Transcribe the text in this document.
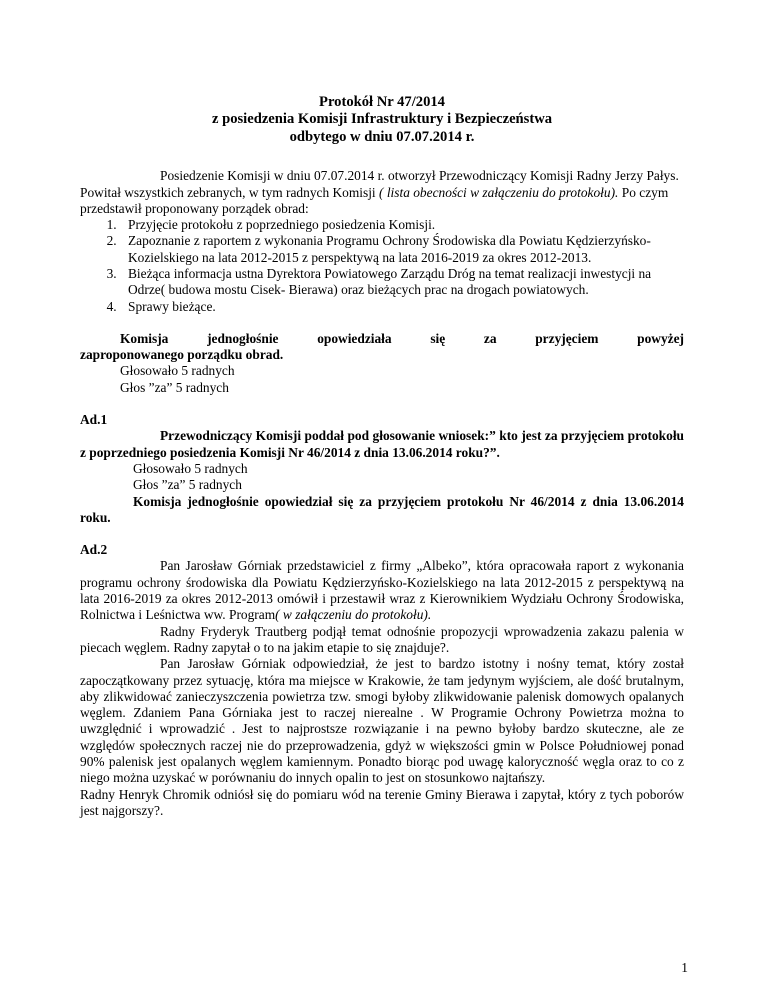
Protokół Nr 47/2014
z posiedzenia Komisji Infrastruktury i Bezpieczeństwa
odbytego w dniu 07.07.2014 r.

Posiedzenie Komisji w dniu 07.07.2014 r. otworzył Przewodniczący Komisji Radny Jerzy Pałys. Powitał wszystkich zebranych, w tym radnych Komisji ( lista obecności w załączeniu do protokołu). Po czym przedstawił proponowany porządek obrad:

1. Przyjęcie protokołu z poprzedniego posiedzenia Komisji.
2. Zapoznanie z raportem z wykonania Programu Ochrony Środowiska dla Powiatu Kędzierzyńsko- Kozielskiego na lata 2012-2015 z perspektywą na lata 2016-2019 za okres 2012-2013.
3. Bieżąca informacja ustna Dyrektora Powiatowego Zarządu Dróg na temat realizacji inwestycji na Odrze( budowa mostu Cisek- Bierawa) oraz bieżących prac na drogach powiatowych.
4. Sprawy bieżące.
Komisja	jednogłośnie	opowiedziała	się	za	przyjęciem	powyżej

zaproponowanego porządku obrad.

Głosowało 5 radnych

Głos ”za” 5 radnych

Ad.1

Przewodniczący Komisji poddał pod głosowanie wniosek:” kto jest za przyjęciem protokołu z poprzedniego posiedzenia Komisji Nr 46/2014 z dnia 13.06.2014 roku?”.

Głosowało 5 radnych

Głos ”za” 5 radnych

Komisja jednogłośnie opowiedział się za przyjęciem protokołu Nr 46/2014 z dnia 13.06.2014 roku.

Ad.2

Pan Jarosław Górniak przedstawiciel z firmy „Albeko”, która opracowała raport z wykonania programu ochrony środowiska dla Powiatu Kędzierzyńsko-Kozielskiego na lata 2012-2015 z perspektywą na lata 2016-2019 za okres 2012-2013 omówił i przestawił wraz z Kierownikiem Wydziału Ochrony Środowiska, Rolnictwa i Leśnictwa ww. Program( w załączeniu do protokołu).

Radny Fryderyk Trautberg podjął temat odnośnie propozycji wprowadzenia zakazu palenia w piecach węglem. Radny zapytał o to na jakim etapie to się znajduje?.

Pan Jarosław Górniak odpowiedział, że jest to bardzo istotny i nośny temat, który został zapoczątkowany przez sytuację, która ma miejsce w Krakowie, że tam jedynym wyjściem, ale dość brutalnym, aby zlikwidować zanieczyszczenia powietrza tzw. smogi byłoby zlikwidowanie palenisk domowych opalanych węglem. Zdaniem Pana Górniaka jest to raczej nierealne . W Programie Ochrony Powietrza można to uwzględnić i wprowadzić . Jest to najprostsze rozwiązanie i na pewno byłoby bardzo skuteczne, ale ze względów społecznych raczej nie do przeprowadzenia, gdyż w większości gmin w Polsce Południowej ponad 90% palenisk jest opalanych węglem kamiennym. Ponadto biorąc pod uwagę kaloryczność węgla oraz to co z niego można uzyskać w porównaniu do innych opalin to jest on stosunkowo najtańszy.

Radny Henryk Chromik odniósł się do pomiaru wód na terenie Gminy Bierawa i zapytał, który z tych poborów jest najgorszy?.

1
